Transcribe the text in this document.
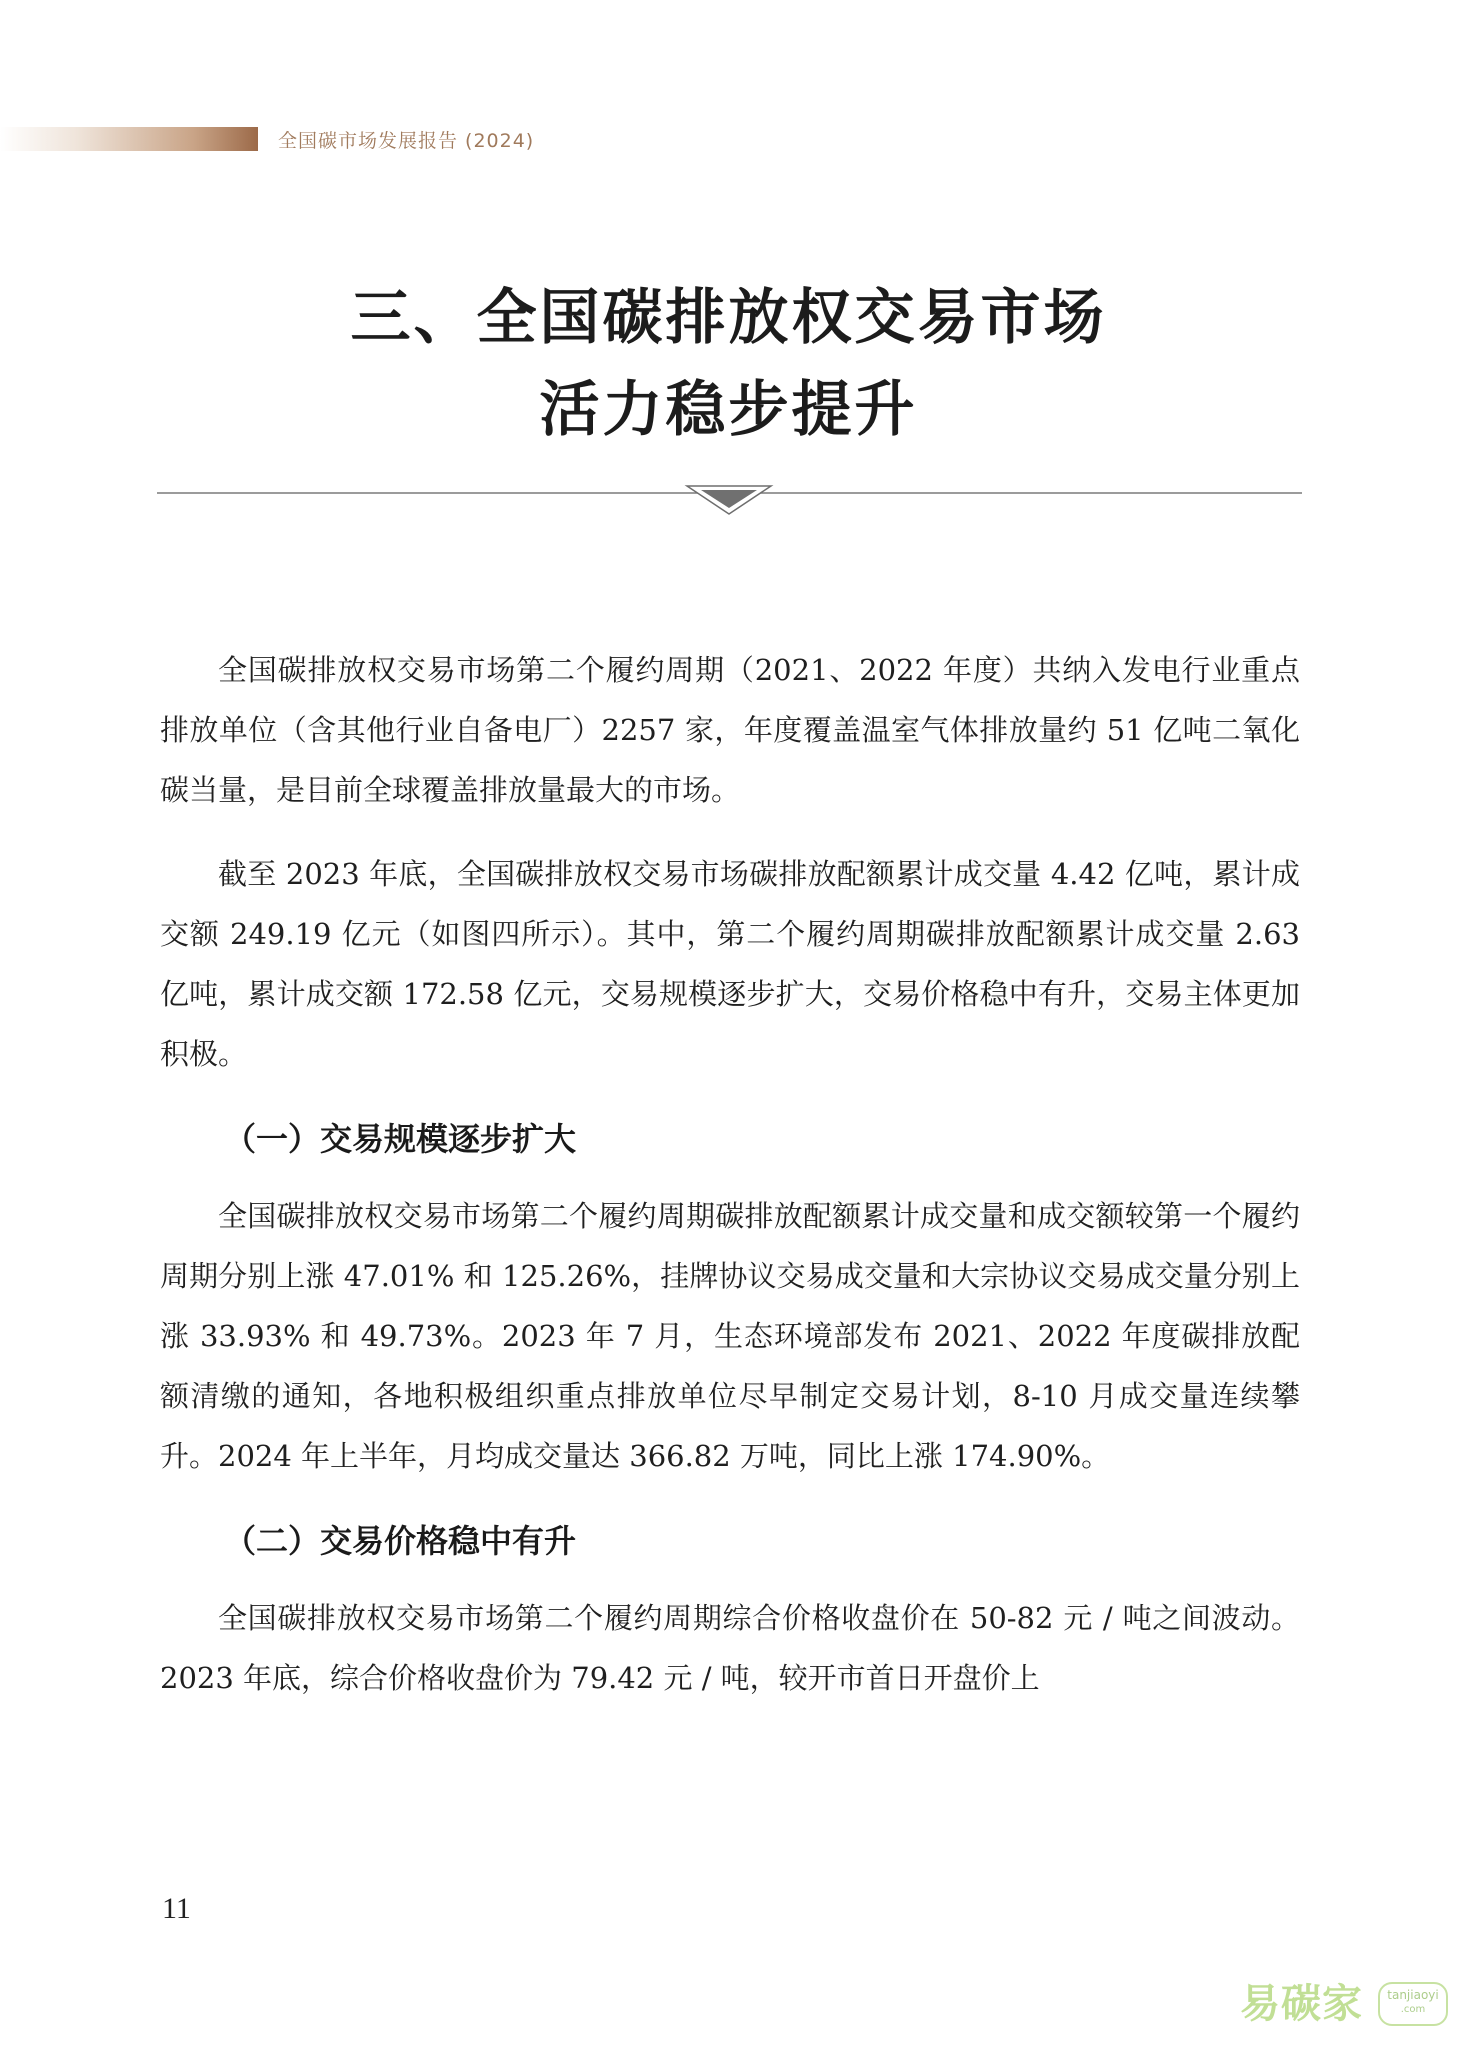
全国碳市场发展报告 (2024)
三、全国碳排放权交易市场
活力稳步提升

全国碳排放权交易市场第二个履约周期（2021、2022 年度）共纳入发电行业重点排放单位（含其他行业自备电厂）2257 家，年度覆盖温室气体排放量约 51 亿吨二氧化碳当量，是目前全球覆盖排放量最大的市场。

截至 2023 年底，全国碳排放权交易市场碳排放配额累计成交量 4.42 亿吨，累计成交额 249.19 亿元（如图四所示）。其中，第二个履约周期碳排放配额累计成交量 2.63 亿吨，累计成交额 172.58 亿元，交易规模逐步扩大，交易价格稳中有升，交易主体更加积极。

（一）交易规模逐步扩大

全国碳排放权交易市场第二个履约周期碳排放配额累计成交量和成交额较第一个履约周期分别上涨 47.01% 和 125.26%，挂牌协议交易成交量和大宗协议交易成交量分别上涨 33.93% 和 49.73%。2023 年 7 月，生态环境部发布 2021、2022 年度碳排放配额清缴的通知，各地积极组织重点排放单位尽早制定交易计划，8-10 月成交量连续攀升。2024 年上半年，月均成交量达 366.82 万吨，同比上涨 174.90%。

（二）交易价格稳中有升

全国碳排放权交易市场第二个履约周期综合价格收盘价在 50-82 元 / 吨之间波动。2023 年底，综合价格收盘价为 79.42 元 / 吨，较开市首日开盘价上

11
易碳家	tanjiaoyi
.com
